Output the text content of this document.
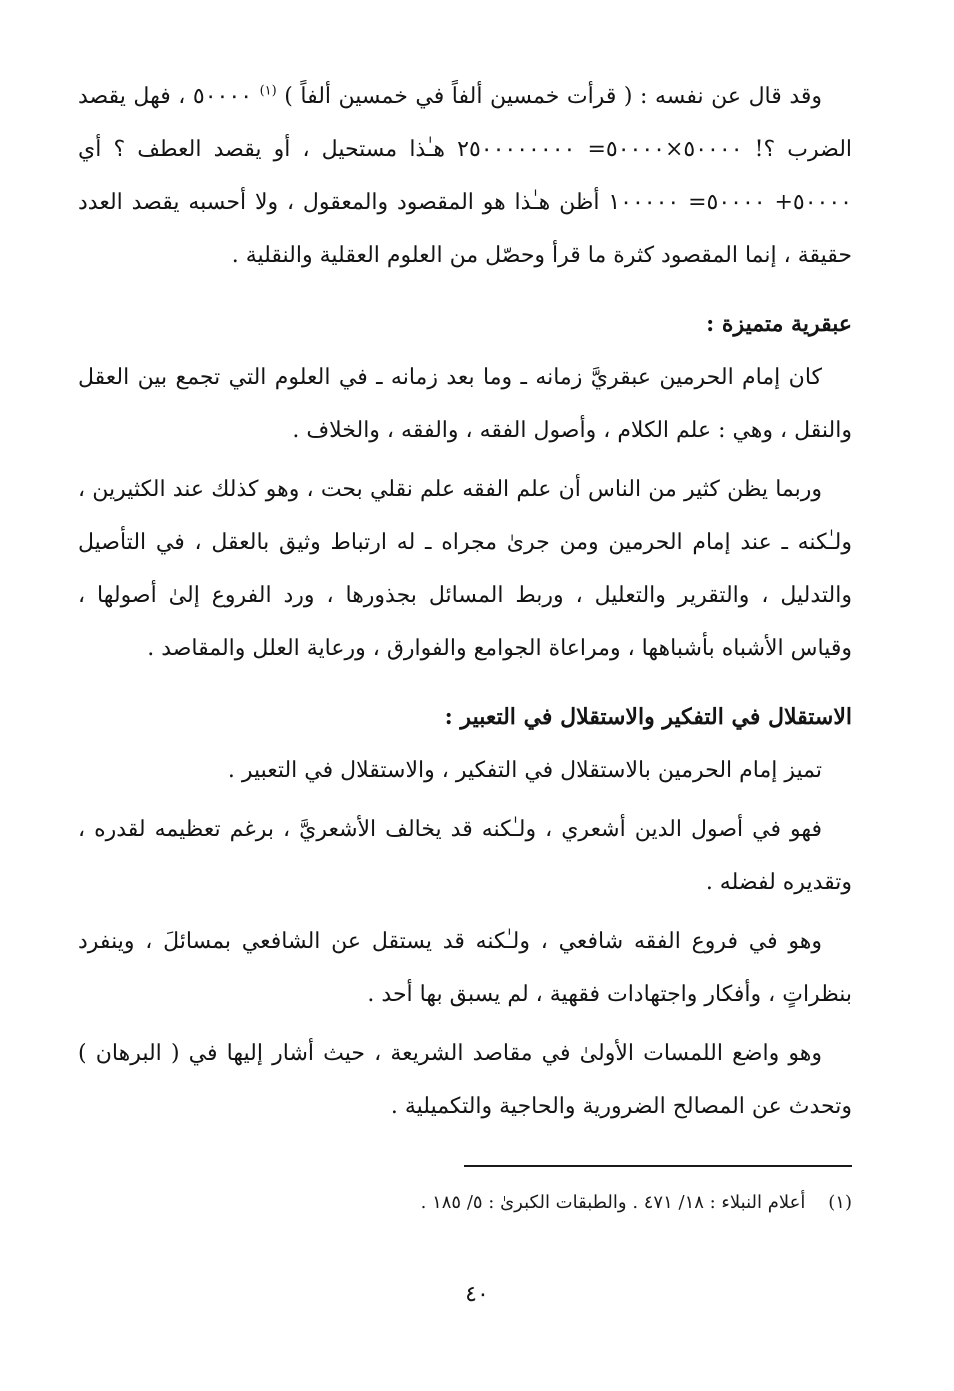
وقد قال عن نفسه : ( قرأت خمسين ألفاً في خمسين ألفاً ) $^{(١)}$ ٥٠٠٠٠ ، فهل يقصد الضرب ؟! ٥٠٠٠٠×٥٠٠٠٠= ٢٥٠٠٠٠٠٠٠٠ هـٰذا مستحيل ، أو يقصد العطف ؟ أي ٥٠٠٠٠+ ٥٠٠٠٠= ١٠٠٠٠٠ أظن هـٰذا هو المقصود والمعقول ، ولا أحسبه يقصد العدد حقيقة ، إنما المقصود كثرة ما قرأ وحصّل من العلوم العقلية والنقلية .

عبقرية متميزة :

كان إمام الحرمين عبقريَّ زمانه ـ وما بعد زمانه ـ في العلوم التي تجمع بين العقل والنقل ، وهي : علم الكلام ، وأصول الفقه ، والفقه ، والخلاف .

وربما يظن كثير من الناس أن علم الفقه علم نقلي بحت ، وهو كذلك عند الكثيرين ، ولـٰكنه ـ عند إمام الحرمين ومن جرىٰ مجراه ـ له ارتباط وثيق بالعقل ، في التأصيل والتدليل ، والتقرير والتعليل ، وربط المسائل بجذورها ، ورد الفروع إلىٰ أصولها ، وقياس الأشباه بأشباهها ، ومراعاة الجوامع والفوارق ، ورعاية العلل والمقاصد .

الاستقلال في التفكير والاستقلال في التعبير :

تميز إمام الحرمين بالاستقلال في التفكير ، والاستقلال في التعبير .

فهو في أصول الدين أشعري ، ولـٰكنه قد يخالف الأشعريَّ ، برغم تعظيمه لقدره ، وتقديره لفضله .

وهو في فروع الفقه شافعي ، ولـٰكنه قد يستقل عن الشافعي بمسائلَ ، وينفرد بنظراتٍ ، وأفكار واجتهادات فقهية ، لم يسبق بها أحد .

وهو واضع اللمسات الأولىٰ في مقاصد الشريعة ، حيث أشار إليها في ( البرهان ) وتحدث عن المصالح الضرورية والحاجية والتكميلية .

(١)    أعلام النبلاء : ١٨/ ٤٧١ . والطبقات الكبرىٰ : ٥/ ١٨٥ .
٤٠
